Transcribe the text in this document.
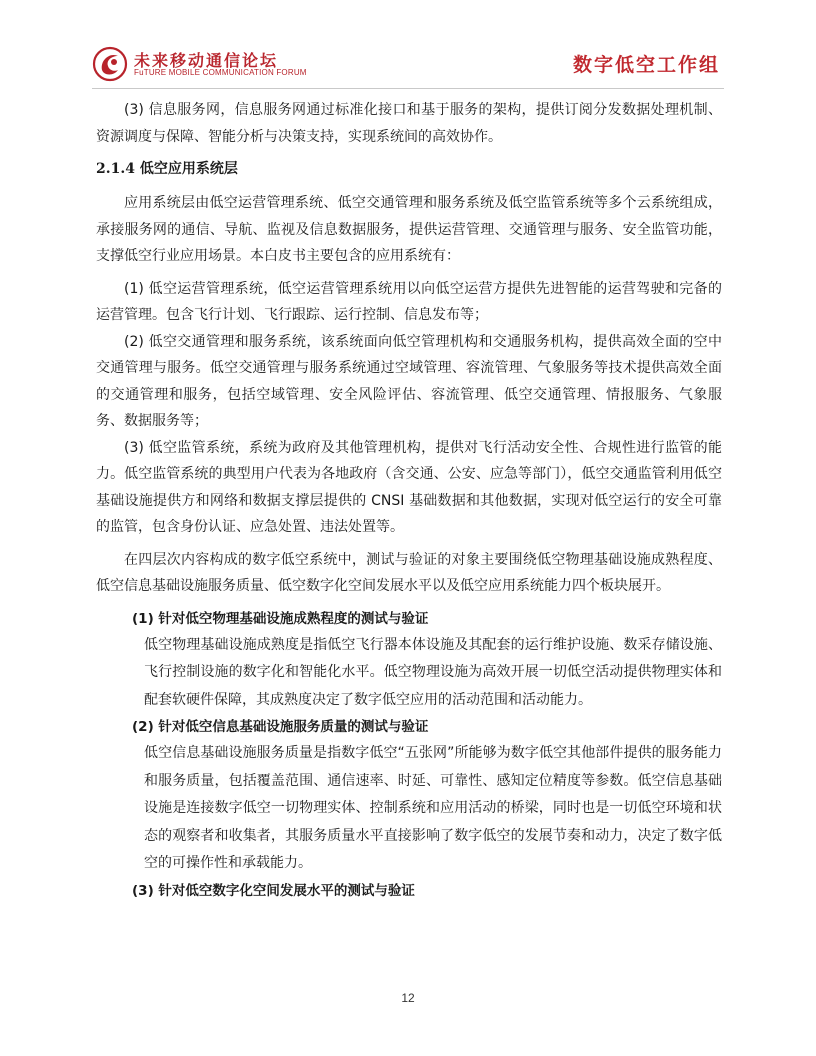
未来移动通信论坛
FuTURE MOBILE COMMUNICATION FORUM	数字低空工作组

(3) 信息服务网，信息服务网通过标准化接口和基于服务的架构，提供订阅分发数据处理机制、资源调度与保障、智能分析与决策支持，实现系统间的高效协作。

2.1.4 低空应用系统层

应用系统层由低空运营管理系统、低空交通管理和服务系统及低空监管系统等多个云系统组成，承接服务网的通信、导航、监视及信息数据服务，提供运营管理、交通管理与服务、安全监管功能，支撑低空行业应用场景。本白皮书主要包含的应用系统有：

(1) 低空运营管理系统，低空运营管理系统用以向低空运营方提供先进智能的运营驾驶和完备的运营管理。包含飞行计划、飞行跟踪、运行控制、信息发布等；

(2) 低空交通管理和服务系统，该系统面向低空管理机构和交通服务机构，提供高效全面的空中交通管理与服务。低空交通管理与服务系统通过空域管理、容流管理、气象服务等技术提供高效全面的交通管理和服务，包括空域管理、安全风险评估、容流管理、低空交通管理、情报服务、气象服务、数据服务等；

(3) 低空监管系统，系统为政府及其他管理机构，提供对飞行活动安全性、合规性进行监管的能力。低空监管系统的典型用户代表为各地政府（含交通、公安、应急等部门），低空交通监管利用低空基础设施提供方和网络和数据支撑层提供的 CNSI 基础数据和其他数据，实现对低空运行的安全可靠的监管，包含身份认证、应急处置、违法处置等。

在四层次内容构成的数字低空系统中，测试与验证的对象主要围绕低空物理基础设施成熟程度、低空信息基础设施服务质量、低空数字化空间发展水平以及低空应用系统能力四个板块展开。

(1) 针对低空物理基础设施成熟程度的测试与验证

低空物理基础设施成熟度是指低空飞行器本体设施及其配套的运行维护设施、数采存储设施、飞行控制设施的数字化和智能化水平。低空物理设施为高效开展一切低空活动提供物理实体和配套软硬件保障，其成熟度决定了数字低空应用的活动范围和活动能力。

(2) 针对低空信息基础设施服务质量的测试与验证

低空信息基础设施服务质量是指数字低空“五张网”所能够为数字低空其他部件提供的服务能力和服务质量，包括覆盖范围、通信速率、时延、可靠性、感知定位精度等参数。低空信息基础设施是连接数字低空一切物理实体、控制系统和应用活动的桥梁，同时也是一切低空环境和状态的观察者和收集者，其服务质量水平直接影响了数字低空的发展节奏和动力，决定了数字低空的可操作性和承载能力。

(3) 针对低空数字化空间发展水平的测试与验证

12
